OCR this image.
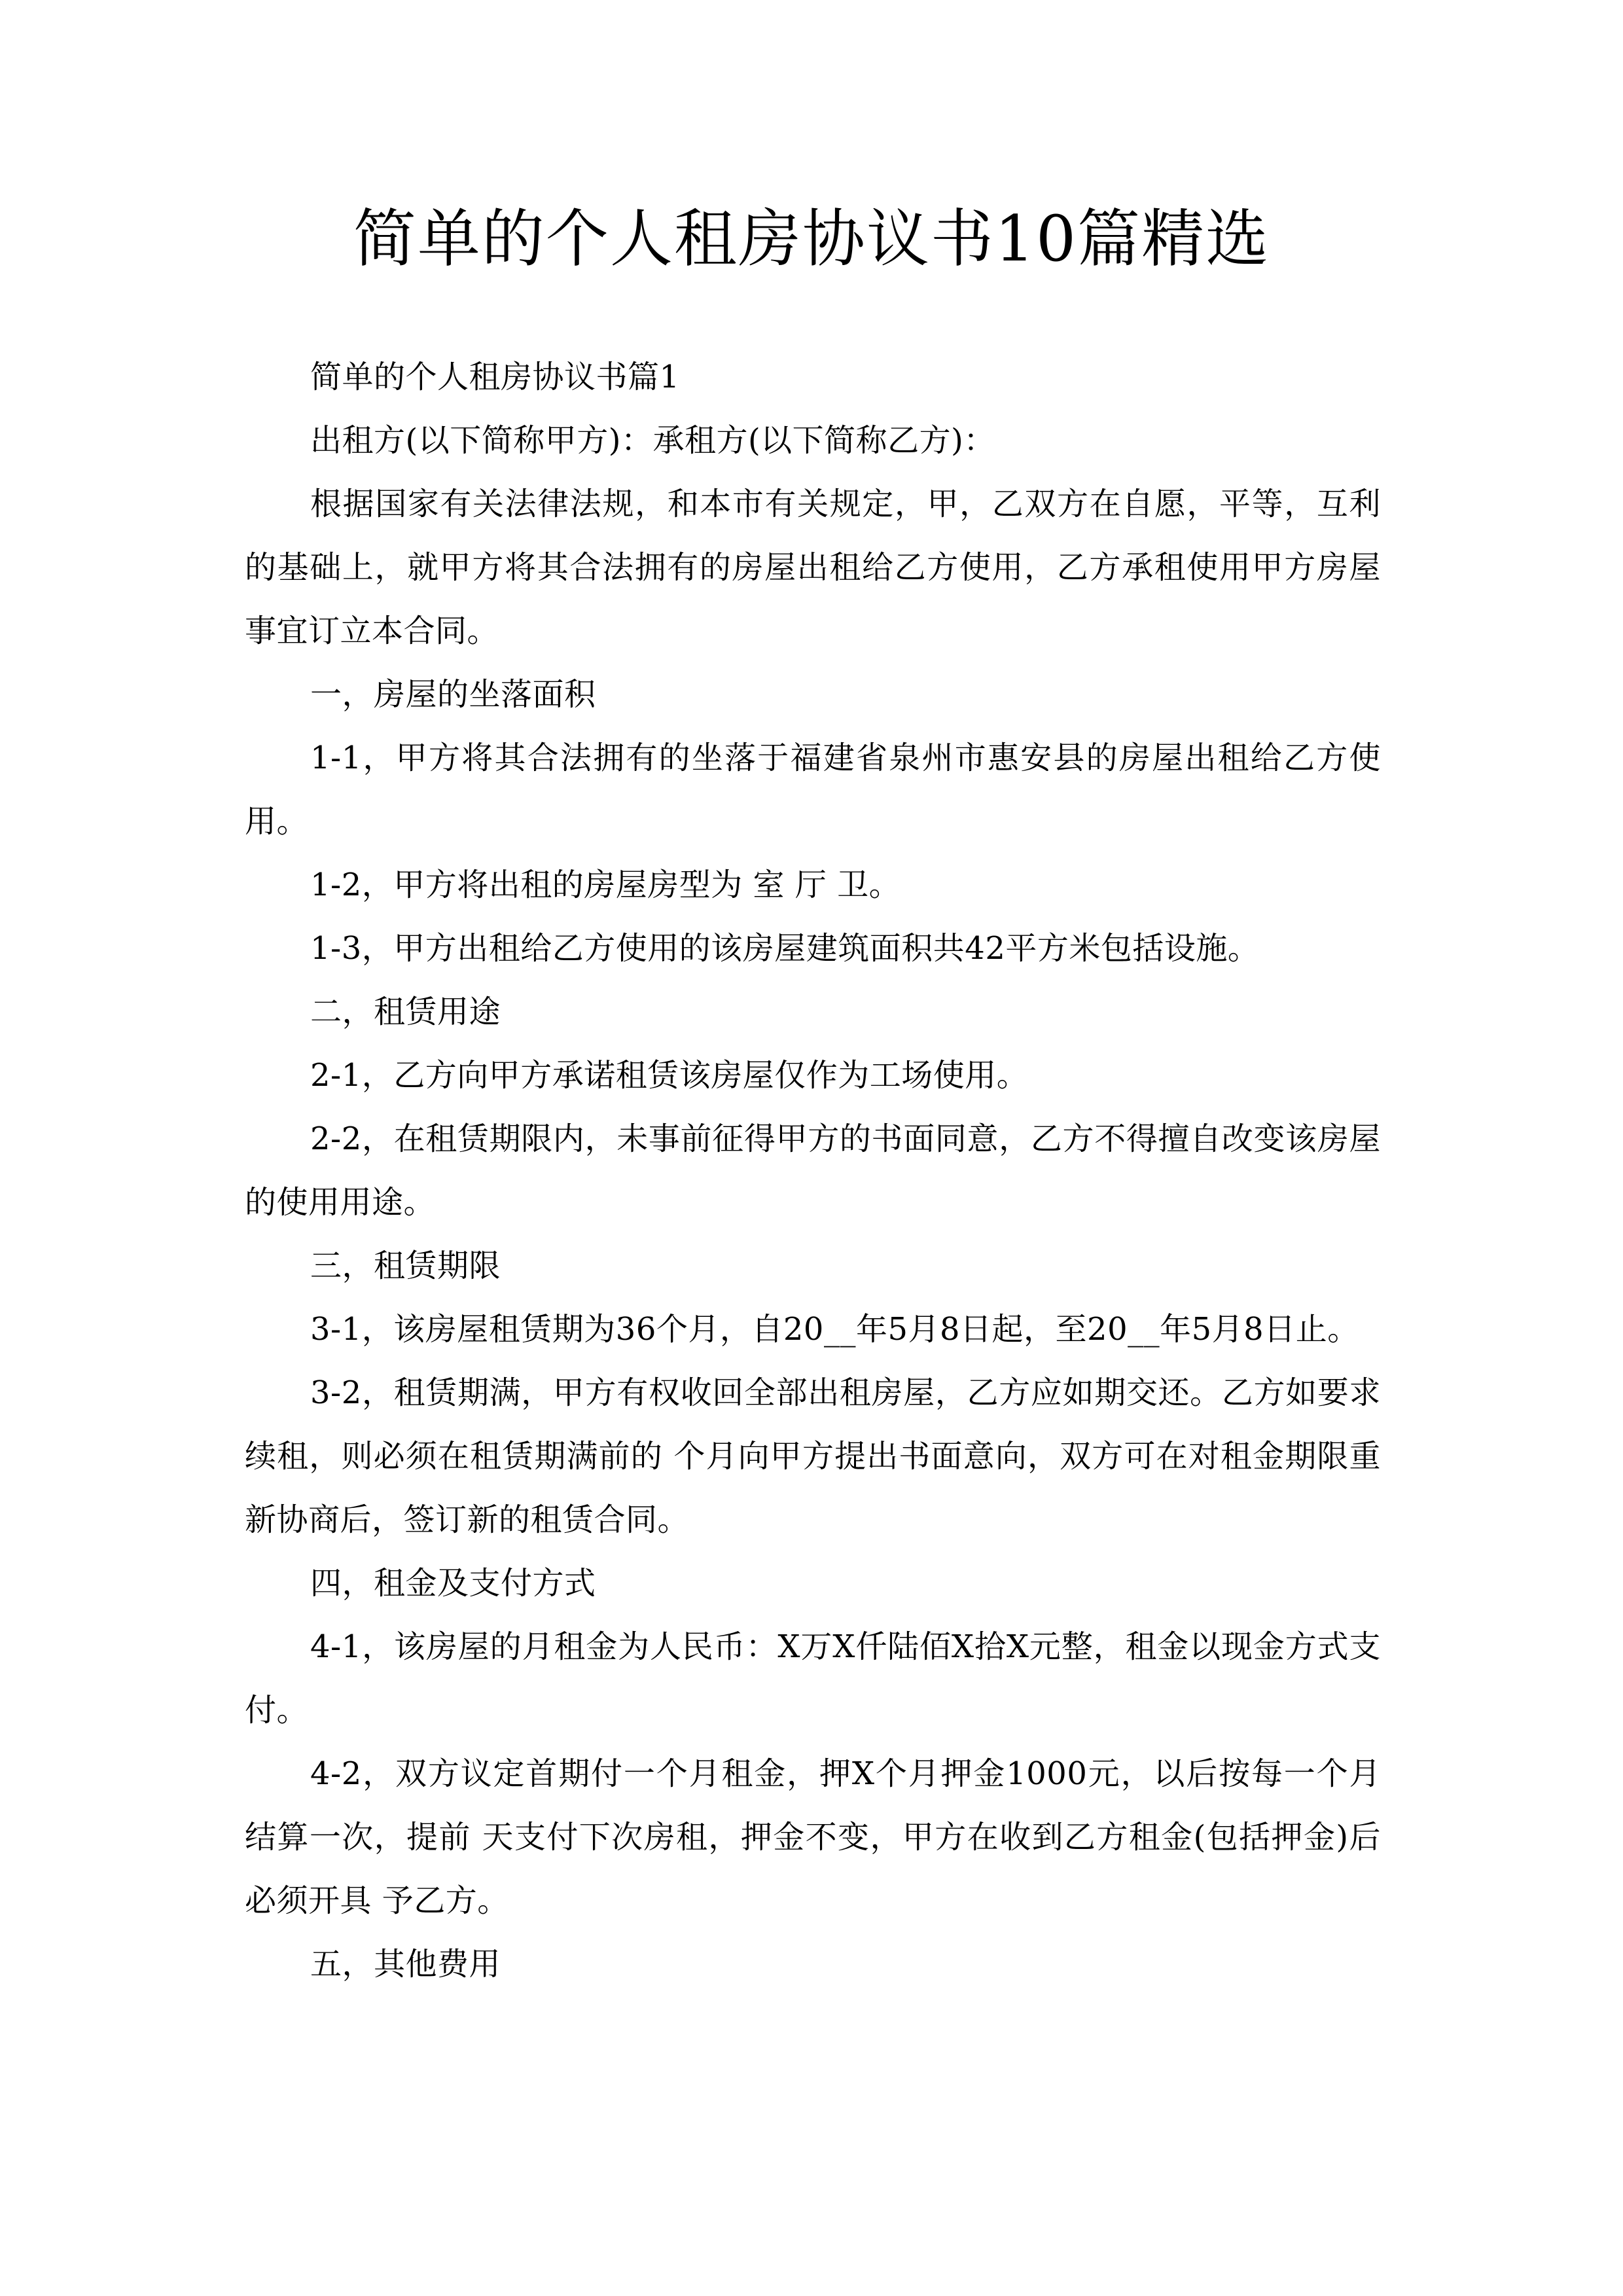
简单的个人租房协议书10篇精选

简单的个人租房协议书篇1

出租方(以下简称甲方)：承租方(以下简称乙方)：

根据国家有关法律法规，和本市有关规定，甲，乙双方在自愿，平等，互利的基础上，就甲方将其合法拥有的房屋出租给乙方使用，乙方承租使用甲方房屋事宜订立本合同。

一，房屋的坐落面积

1-1，甲方将其合法拥有的坐落于福建省泉州市惠安县的房屋出租给乙方使用。

1-2，甲方将出租的房屋房型为 室 厅 卫。

1-3，甲方出租给乙方使用的该房屋建筑面积共42平方米包括设施。

二，租赁用途

2-1，乙方向甲方承诺租赁该房屋仅作为工场使用。

2-2，在租赁期限内，未事前征得甲方的书面同意，乙方不得擅自改变该房屋的使用用途。

三，租赁期限

3-1，该房屋租赁期为36个月，自20__年5月8日起，至20__年5月8日止。

3-2，租赁期满，甲方有权收回全部出租房屋，乙方应如期交还。乙方如要求续租，则必须在租赁期满前的 个月向甲方提出书面意向，双方可在对租金期限重新协商后，签订新的租赁合同。

四，租金及支付方式

4-1，该房屋的月租金为人民币：X万X仟陆佰X拾X元整，租金以现金方式支付。

4-2，双方议定首期付一个月租金，押X个月押金1000元，以后按每一个月结算一次，提前 天支付下次房租，押金不变，甲方在收到乙方租金(包括押金)后必须开具 予乙方。

五，其他费用
